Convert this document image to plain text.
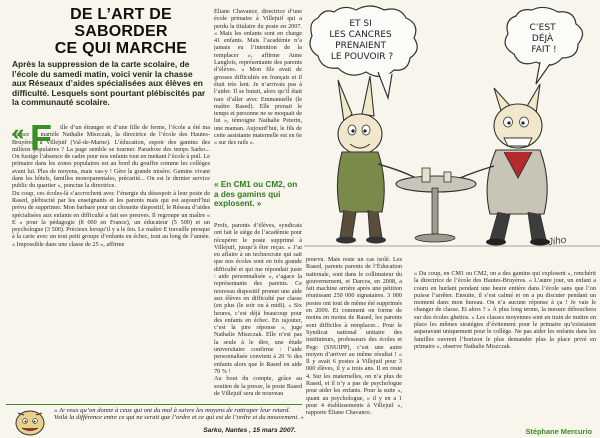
DE L’ART DE SABORDER
CE QUI MARCHE
Après la suppression de la carte scolaire, de l’école du samedi matin, voici venir la chasse aux Réseaux d’aides spécialisées aux élèves en difficulté. Lesquels sont pourtant plébiscités par la communauté scolaire.
« F	ille d’un étranger et d’une fille de ferme, l’école a été ma chance », martèle Nathalie Miszczak, la directrice de l’école des Hautes-Bruyères, à Villejuif (Val-de-Marne). L’éducation, espoir des gamins des milieux populaires ? La page semble se tourner. Paradoxe des temps Sarko... On fustige l’absence de cadre pour nos enfants tout en mettant l’école à poil. Le primaire dans les zones populaires est au bord du gouffre comme les collèges avant lui. Plus de moyens, mais vas-y ! Gère la grande misère. Gamins vivant dans les hôtels, familles monoparentales, précarité... On est le dernier service public du quartier », ponctue la directrice.
Du coup, ces écoles-là s’accrochent avec l’énergie du désespoir à leur poste de Rased, plébiscité par les enseignants et les parents mais qui est aujourd’hui prévu de supprimer. Mon barbare pour un chouette dispositif, le Réseau d’aides spécialisées aux enfants en difficulté a fait ses preuves. Il regroupe un maître « E » pour la pédagogie (8 000 en France), un éducateur (5 500) et un psychologue (3 500). Précieux lorsqu’il y a le feu. Le maître E travaille presque à la carte avec un tout petit groupe d’enfants en échec, tout au long de l’année. « Impossible dans une classe de 25 », affirme

Éliane Chavance, directrice d’une école primaire à Villejuif qui a perdu la titulaire du poste en 2007. « Mais les enfants sont en charge 41 enfants. Mais l’académie n’a jamais eu l’intention de la remplacer », affirme Anne Langlois, représentante des parents d’élèves. « Mon fils avait de grosses difficultés en français et il était très lent. Je n’arrivais pas à l’aider. Il se butait, alors qu’il était rare d’aller avec Emmanuelle (le maître Rased). Elle prenait le temps et personne ne se moquait de lui », témoigne Nathalie Peterin, une maman. Aujourd’hui, le fils de cette assistante maternelle est en 6e « sur des rails ».
« En CM1 ou CM2, on a des gamins qui explosent. »
Profs, parents d’élèves, syndicats ont fait le siège de l’académie pour récupérer le poste supprimé à Villejuif, jusqu’à être reçus. « J’ai eu affaire à un technocrate qui sait que nos écoles sont en très grande difficulté et qui me répondait juste : aide personnalisée », s’agace la représentante des parents. Ce nouveau dispositif promet une aide aux élèves en difficulté par classe (en plus (le soir ou à midi). « Six heures, c’est déjà beaucoup pour des enfants en échec. En rajouter, c’est la pire réponse », juge Nathalie Miszczak. Elle n’est pas la seule à le dire, une étude universitaire confirme : l’aide personnalisée convient à 20 % des enfants alors que le Rased en aide 70 % !
Au bout du compte, grâce au soutien de la presse, le poste Rased de Villejuif sera de nouveau
pourvu. Mais reste un cas isolé. Les Rased, parents parents de l’Éducation nationale, sont dans le collimateur du gouvernement, et Darcos, en 2008, a fait machine arrière après une pétition réunissant 250 000 signataires. 3 000 postes ont tout de même été supprimés en 2009. Et comment on forme de moins en moins de Rased, les parents sont difficiles à remplacer... Pour le Syndicat national unitaire des instituteurs, professeurs des écoles et Pegc (SNUIPP), c’est une autre moyen d’arriver au même résultat ! « Il y avait 6 postes à Villejuif pour 3 000 élèves, il y a trois ans. Il en reste 4. Sur les maternelles, on n’a plus de Rased, et il n’y a pas de psychologue pour aider les enfants. Pour la suite », quant au psychologue, « il y en a 1 pour 4 établissements à Villejuif », rapporte Éliane Chavance.
« Du coup, en CM1 ou CM2, on a des gamins qui explosent », renchérit la directrice de l’école des Hautes-Bruyères. « L’autre jour, un enfant a couru en hurlant pendant une heure entière dans l’école sans que l’on puisse l’arrêter. Ensuite, il s’est calmé et on a pu discuter pendant un moment dans mon bureau. On n’a aucune réponse à ça ! Je vais le changer de classe. Et alors ? » À plus long terme, la mesure débouchera sur des écoles ghettos. « Les classes moyennes sont en train de mettre en place les mêmes stratégies d’évitement pour le primaire qu’existaient auparavant uniquement pour le collège. Ne pas aider les enfants dans les familles ouvrent l’horizon le plus demander plus la place privé en primaire », observe Nathalie Miszczak.
ET SI LES CANCRES PRENAIENT LE POUVOIR ?
C’EST DÉJÀ FAIT !
Jiho
« Je veux qu’on donne à ceux qui ont du mal à suivre les moyens de rattraper leur retard. Voilà la différence entre ce qui ne serait que l’ordre et ce qui est de l’ordre et du mouvement. »
Sarko, Nantes , 15 mars 2007.	Stéphane Mercurio
